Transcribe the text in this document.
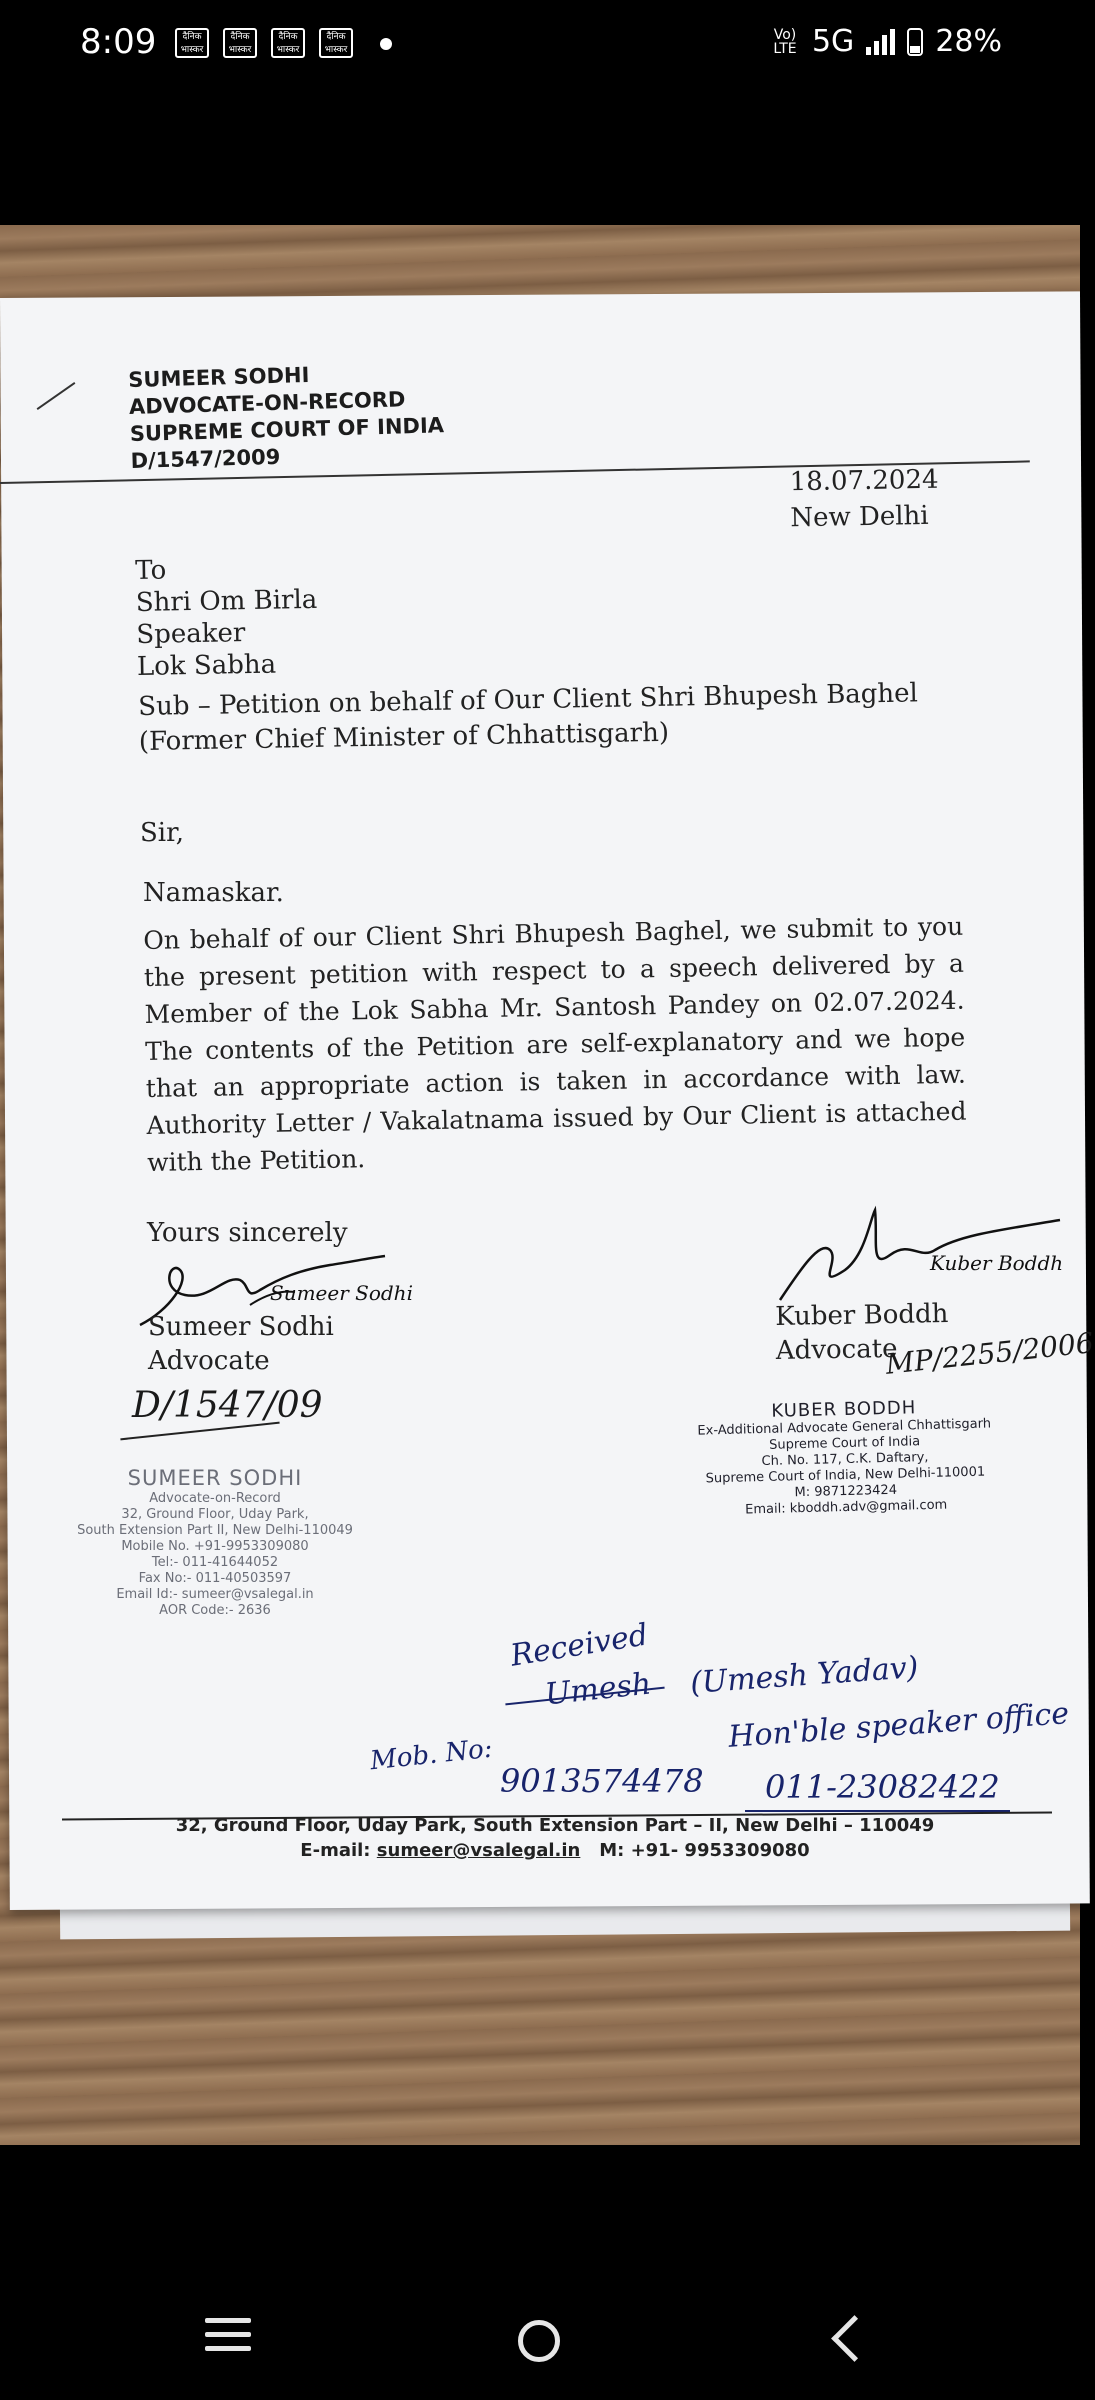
8:09	दैनिक भास्कर
दैनिक भास्कर
दैनिक भास्कर
दैनिक भास्कर
Vo) LTE 5G	28%
SUMEER SODHI
ADVOCATE-ON-RECORD
SUPREME COURT OF INDIA
D/1547/2009
18.07.2024
New Delhi
To
Shri Om Birla
Speaker
Lok Sabha
Sub – Petition on behalf of Our Client Shri Bhupesh Baghel (Former Chief Minister of Chhattisgarh)
Sir,
Namaskar.
On behalf of our Client Shri Bhupesh Baghel, we submit to you the present petition with respect to a speech delivered by a Member of the Lok Sabha Mr. Santosh Pandey on 02.07.2024. The contents of the Petition are self-explanatory and we hope that an appropriate action is taken in accordance with law. Authority Letter / Vakalatnama issued by Our Client is attached with the Petition.
Yours sincerely
Sumeer Sodhi
Sumeer Sodhi
Advocate
D/1547/09
Kuber Boddh
Kuber Boddh
Advocate
MP/2255/2006
SUMEER SODHI
Advocate-on-Record
32, Ground Floor, Uday Park,
South Extension Part II, New Delhi-110049
Mobile No. +91-9953309080
Tel:- 011-41644052
Fax No:- 011-40503597
Email Id:- sumeer@vsalegal.in
AOR Code:- 2636
KUBER BODDH
Ex-Additional Advocate General Chhattisgarh
Supreme Court of India
Ch. No. 117, C.K. Daftary,
Supreme Court of India, New Delhi-110001
M: 9871223424
Email: kboddh.adv@gmail.com
Received
Umesh (Umesh Yadav)
Hon'ble speaker office
Mob. No:
9013574478 011-23082422
32, Ground Floor, Uday Park, South Extension Part – II, New Delhi – 110049
E-mail: sumeer@vsalegal.in M: +91- 9953309080
